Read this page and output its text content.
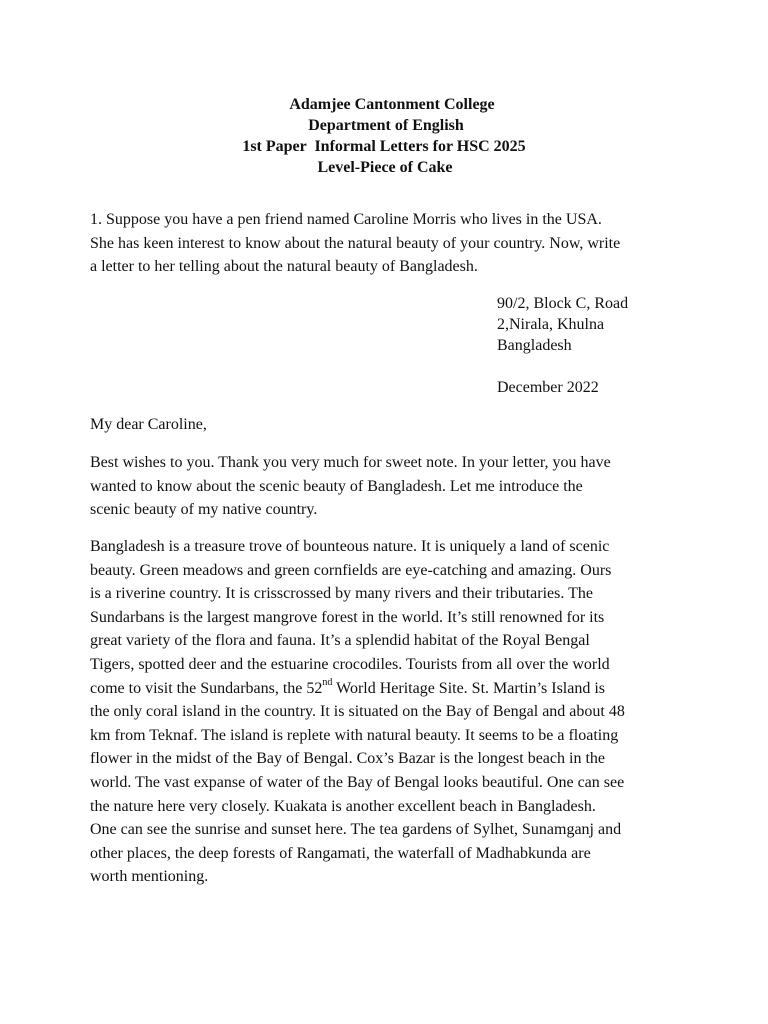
Adamjee Cantonment College
Department of English
1st Paper  Informal Letters for HSC 2025
Level-Piece of Cake
1. Suppose you have a pen friend named Caroline Morris who lives in the USA.
She has keen interest to know about the natural beauty of your country. Now, write
a letter to her telling about the natural beauty of Bangladesh.
90/2, Block C, Road
2,Nirala, Khulna
Bangladesh
December 2022
My dear Caroline,
Best wishes to you. Thank you very much for sweet note. In your letter, you have
wanted to know about the scenic beauty of Bangladesh. Let me introduce the
scenic beauty of my native country.
Bangladesh is a treasure trove of bounteous nature. It is uniquely a land of scenic
beauty. Green meadows and green cornfields are eye-catching and amazing. Ours
is a riverine country. It is crisscrossed by many rivers and their tributaries. The
Sundarbans is the largest mangrove forest in the world. It’s still renowned for its
great variety of the flora and fauna. It’s a splendid habitat of the Royal Bengal
Tigers, spotted deer and the estuarine crocodiles. Tourists from all over the world
come to visit the Sundarbans, the 52nd World Heritage Site. St. Martin’s Island is
the only coral island in the country. It is situated on the Bay of Bengal and about 48
km from Teknaf. The island is replete with natural beauty. It seems to be a floating
flower in the midst of the Bay of Bengal. Cox’s Bazar is the longest beach in the
world. The vast expanse of water of the Bay of Bengal looks beautiful. One can see
the nature here very closely. Kuakata is another excellent beach in Bangladesh.
One can see the sunrise and sunset here. The tea gardens of Sylhet, Sunamganj and
other places, the deep forests of Rangamati, the waterfall of Madhabkunda are
worth mentioning.
